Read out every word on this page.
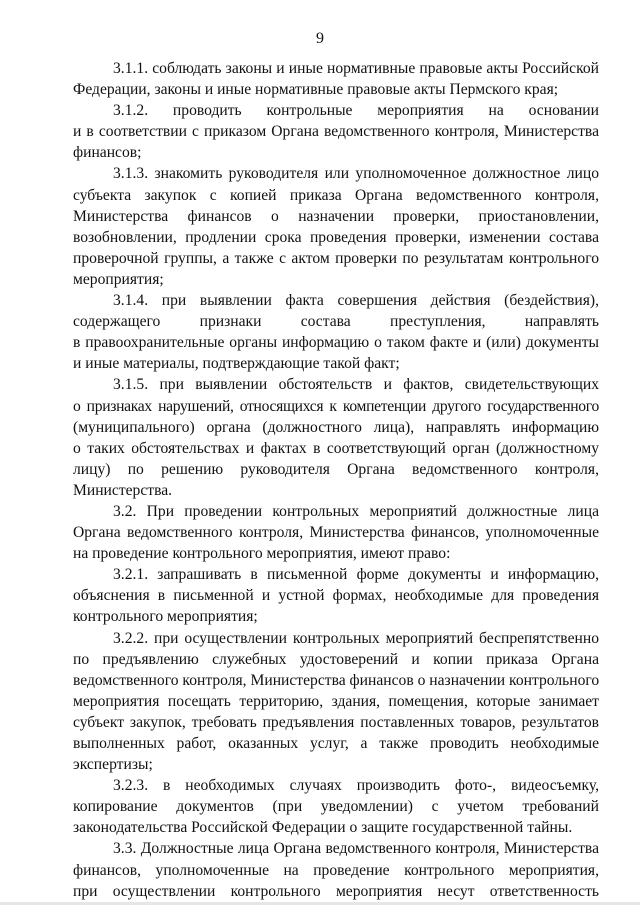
9
3.1.1. соблюдать законы и иные нормативные правовые акты Российской
Федерации, законы и иные нормативные правовые акты Пермского края;
3.1.2. проводить контрольные мероприятия на основании
и в соответствии с приказом Органа ведомственного контроля, Министерства
финансов;
3.1.3. знакомить руководителя или уполномоченное должностное лицо
субъекта закупок с копией приказа Органа ведомственного контроля,
Министерства финансов о назначении проверки, приостановлении,
возобновлении, продлении срока проведения проверки, изменении состава
проверочной группы, а также с актом проверки по результатам контрольного
мероприятия;
3.1.4. при выявлении факта совершения действия (бездействия),
содержащего признаки состава преступления, направлять
в правоохранительные органы информацию о таком факте и (или) документы
и иные материалы, подтверждающие такой факт;
3.1.5. при выявлении обстоятельств и фактов, свидетельствующих
о признаках нарушений, относящихся к компетенции другого государственного
(муниципального) органа (должностного лица), направлять информацию
о таких обстоятельствах и фактах в соответствующий орган (должностному
лицу) по решению руководителя Органа ведомственного контроля,
Министерства.
3.2. При проведении контрольных мероприятий должностные лица
Органа ведомственного контроля, Министерства финансов, уполномоченные
на проведение контрольного мероприятия, имеют право:
3.2.1. запрашивать в письменной форме документы и информацию,
объяснения в письменной и устной формах, необходимые для проведения
контрольного мероприятия;
3.2.2. при осуществлении контрольных мероприятий беспрепятственно
по предъявлению служебных удостоверений и копии приказа Органа
ведомственного контроля, Министерства финансов о назначении контрольного
мероприятия посещать территорию, здания, помещения, которые занимает
субъект закупок, требовать предъявления поставленных товаров, результатов
выполненных работ, оказанных услуг, а также проводить необходимые
экспертизы;
3.2.3. в необходимых случаях производить фото-, видеосъемку,
копирование документов (при уведомлении) с учетом требований
законодательства Российской Федерации о защите государственной тайны.
3.3. Должностные лица Органа ведомственного контроля, Министерства
финансов, уполномоченные на проведение контрольного мероприятия,
при осуществлении контрольного мероприятия несут ответственность
